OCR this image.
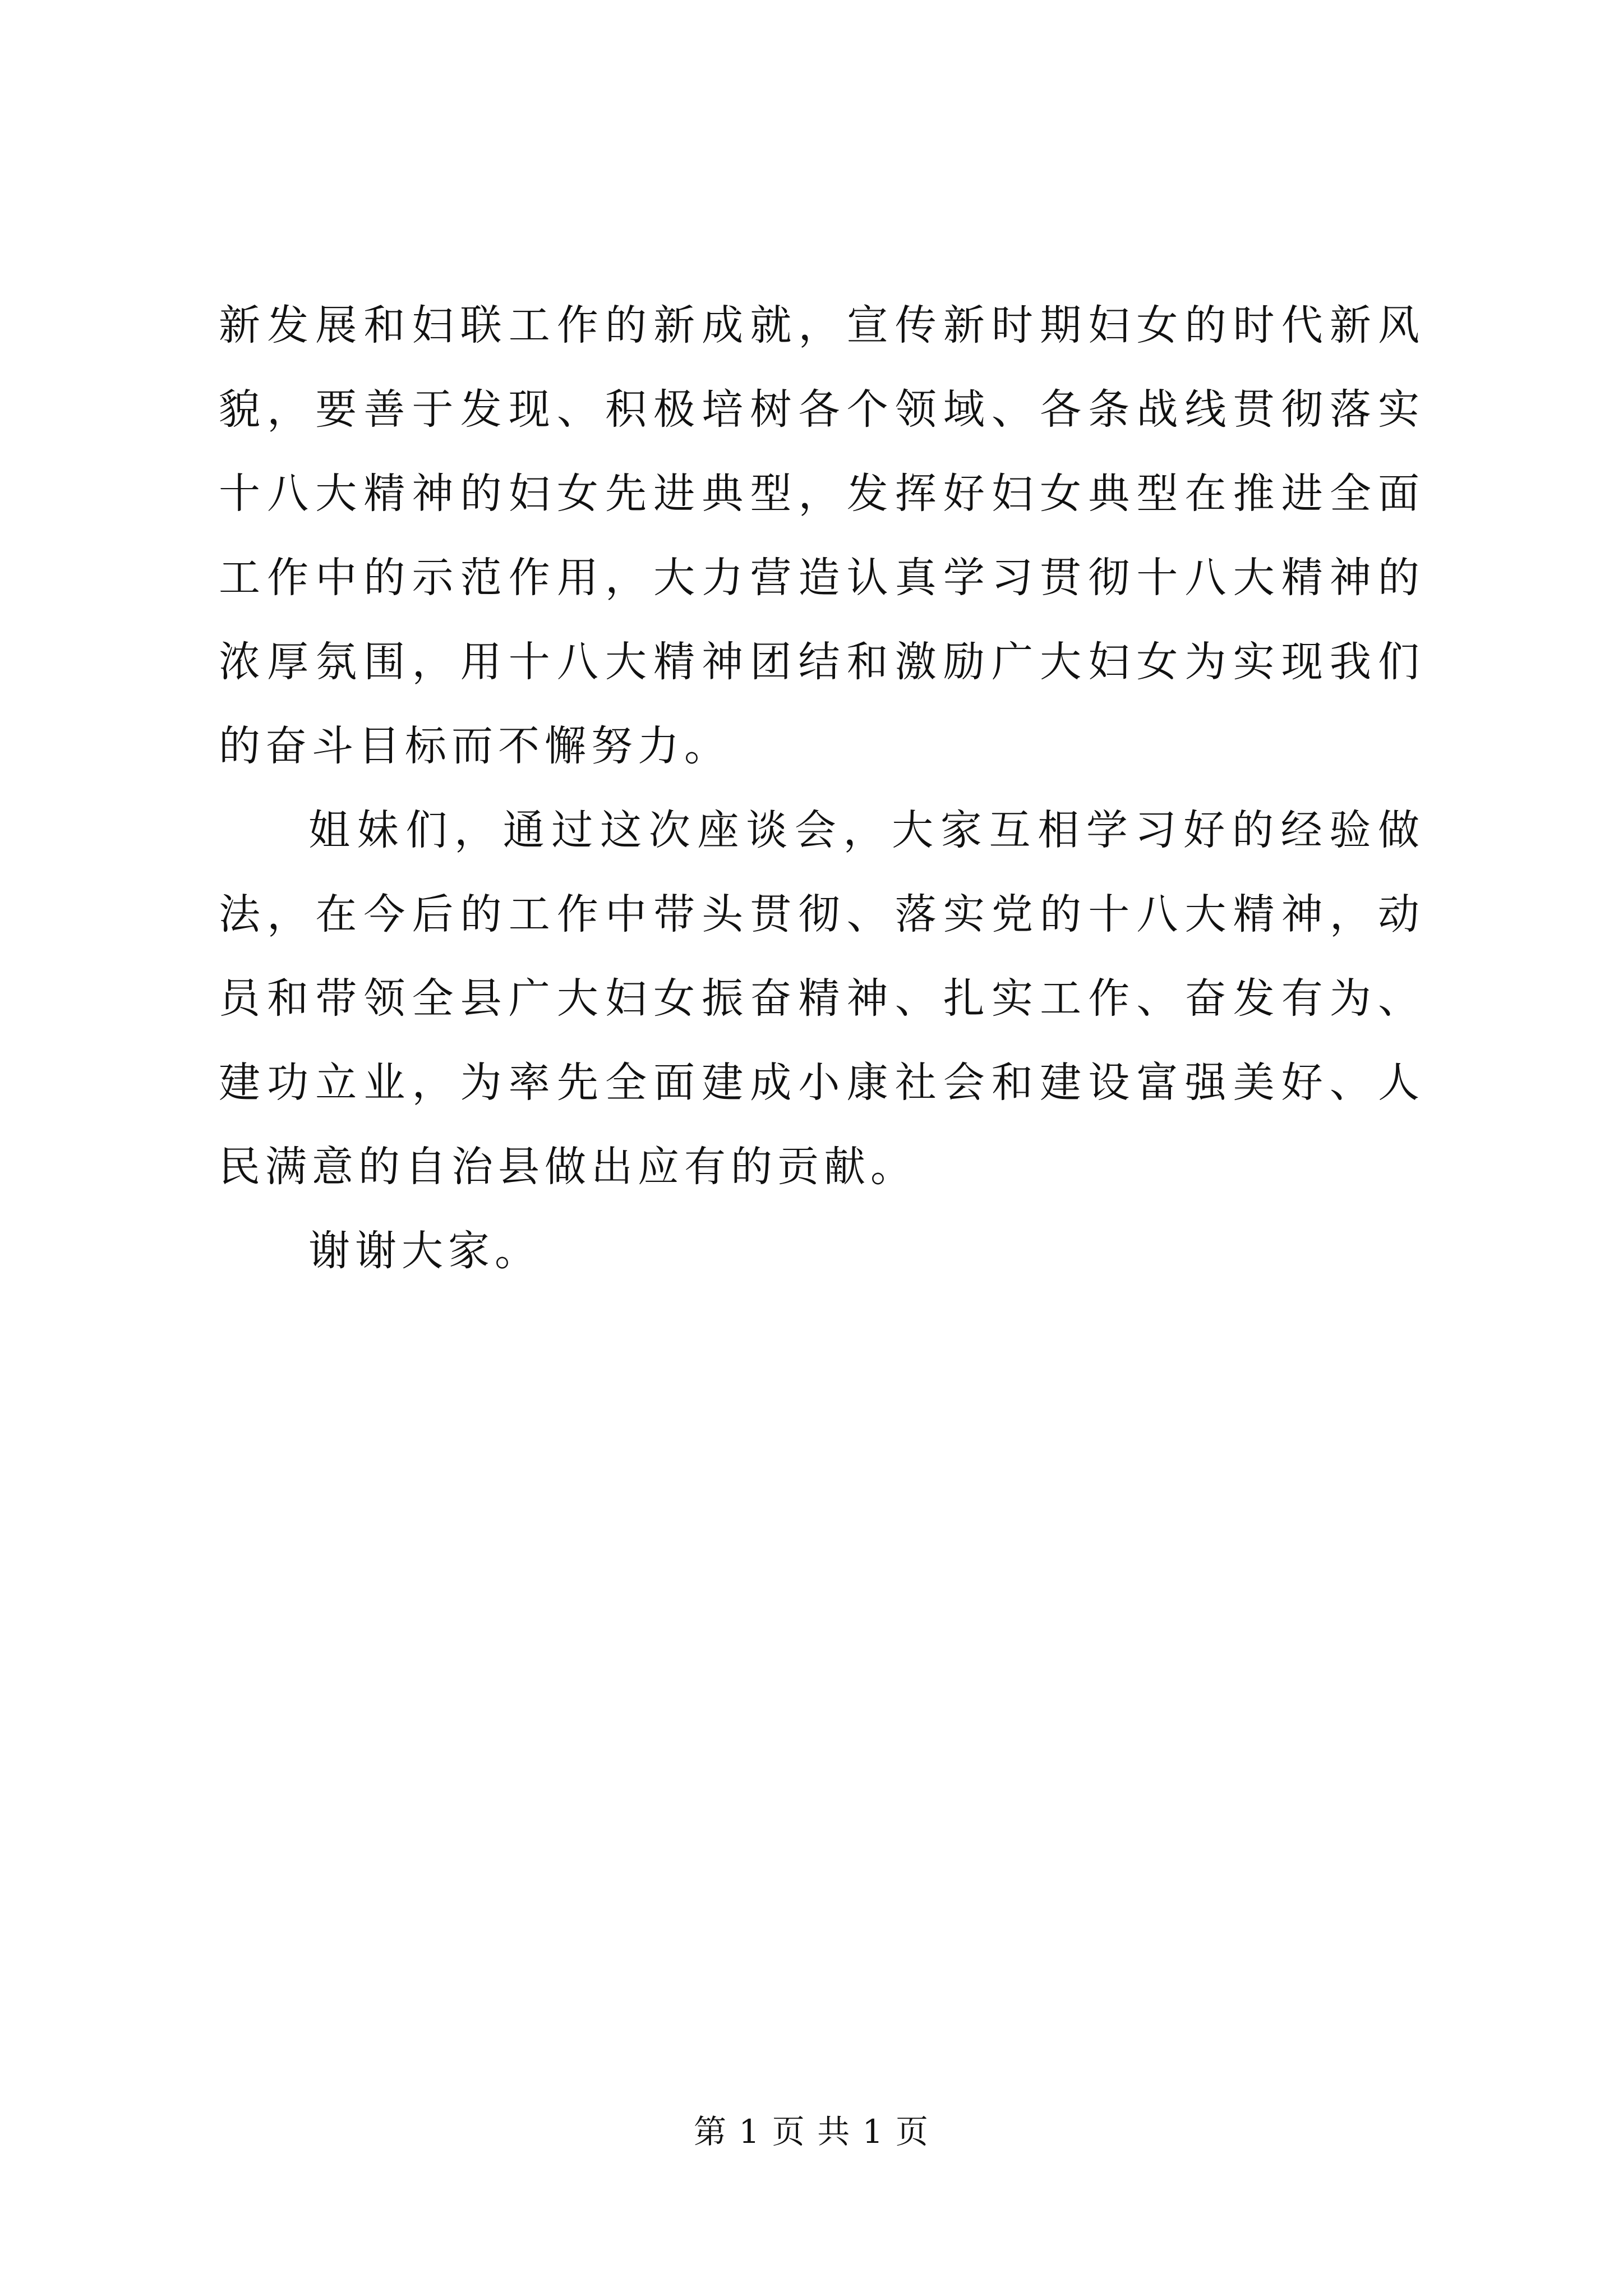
新发展和妇联工作的新成就，宣传新时期妇女的时代新风貌，要善于发现、积极培树各个领域、各条战线贯彻落实十八大精神的妇女先进典型，发挥好妇女典型在推进全面工作中的示范作用，大力营造认真学习贯彻十八大精神的浓厚氛围，用十八大精神团结和激励广大妇女为实现我们的奋斗目标而不懈努力。

姐妹们，通过这次座谈会，大家互相学习好的经验做法，在今后的工作中带头贯彻、落实党的十八大精神，动员和带领全县广大妇女振奋精神、扎实工作、奋发有为、建功立业，为率先全面建成小康社会和建设富强美好、人民满意的自治县做出应有的贡献。

谢谢大家。

第 1 页 共 1 页
